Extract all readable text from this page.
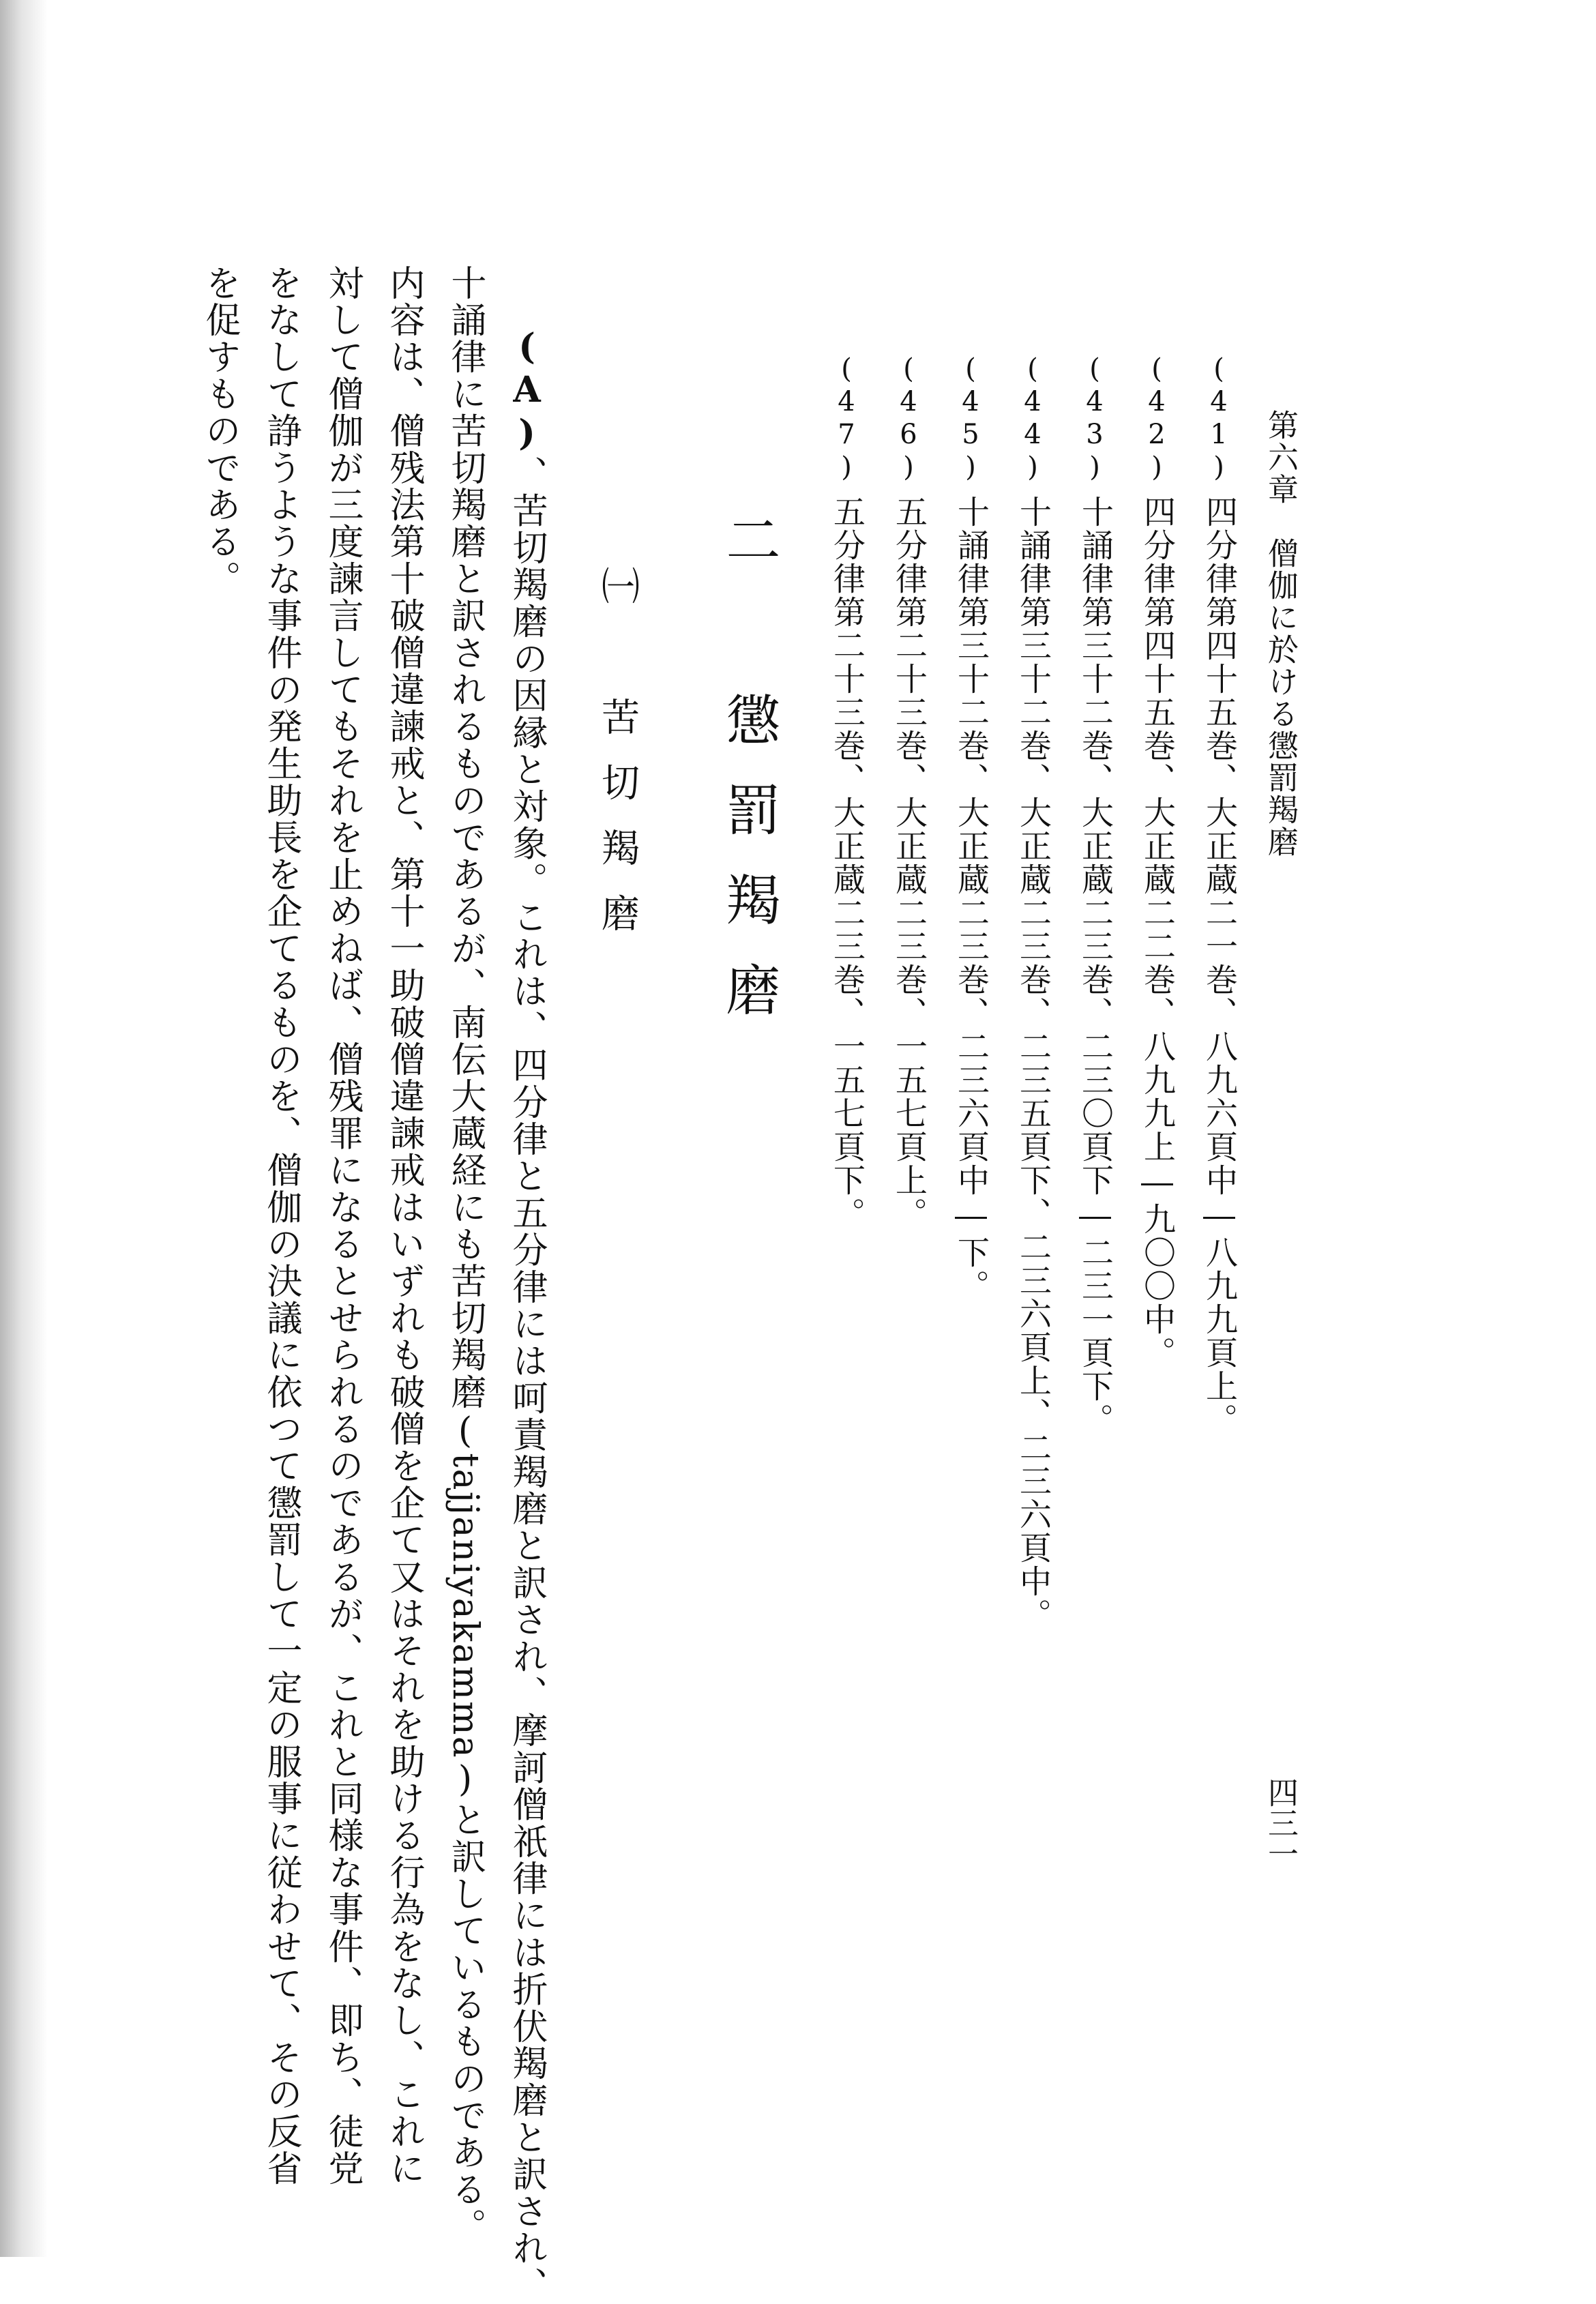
第六章　僧伽に於ける懲罰羯磨
四三一
(41)四分律第四十五巻、大正蔵二一巻、八九六頁中―八九九頁上。
(42)四分律第四十五巻、大正蔵二二巻、八九九上―九〇〇中。
(43)十誦律第三十二巻、大正蔵二三巻、二三〇頁下―二三一頁下。
(44)十誦律第三十二巻、大正蔵二三巻、二三五頁下、二三六頁上、二三六頁中。
(45)十誦律第三十二巻、大正蔵二三巻、二三六頁中―下。
(46)五分律第二十三巻、大正蔵二三巻、一五七頁上。
(47)五分律第二十三巻、大正蔵二三巻、一五七頁下。
二　懲罰羯磨
㈠　苦切羯磨
(A)、苦切羯磨の因縁と対象。これは、四分律と五分律には呵責羯磨と訳され、摩訶僧祇律には折伏羯磨と訳され、
十誦律に苦切羯磨と訳されるものであるが、南伝大蔵経にも苦切羯磨(tajjaniyakamma)と訳しているものである。
内容は、僧残法第十破僧違諫戒と、第十一助破僧違諫戒はいずれも破僧を企て又はそれを助ける行為をなし、これに
対して僧伽が三度諫言してもそれを止めねば、僧残罪になるとせられるのであるが、これと同様な事件、即ち、徒党
をなして諍うような事件の発生助長を企てるものを、僧伽の決議に依つて懲罰して一定の服事に従わせて、その反省
を促すものである。
